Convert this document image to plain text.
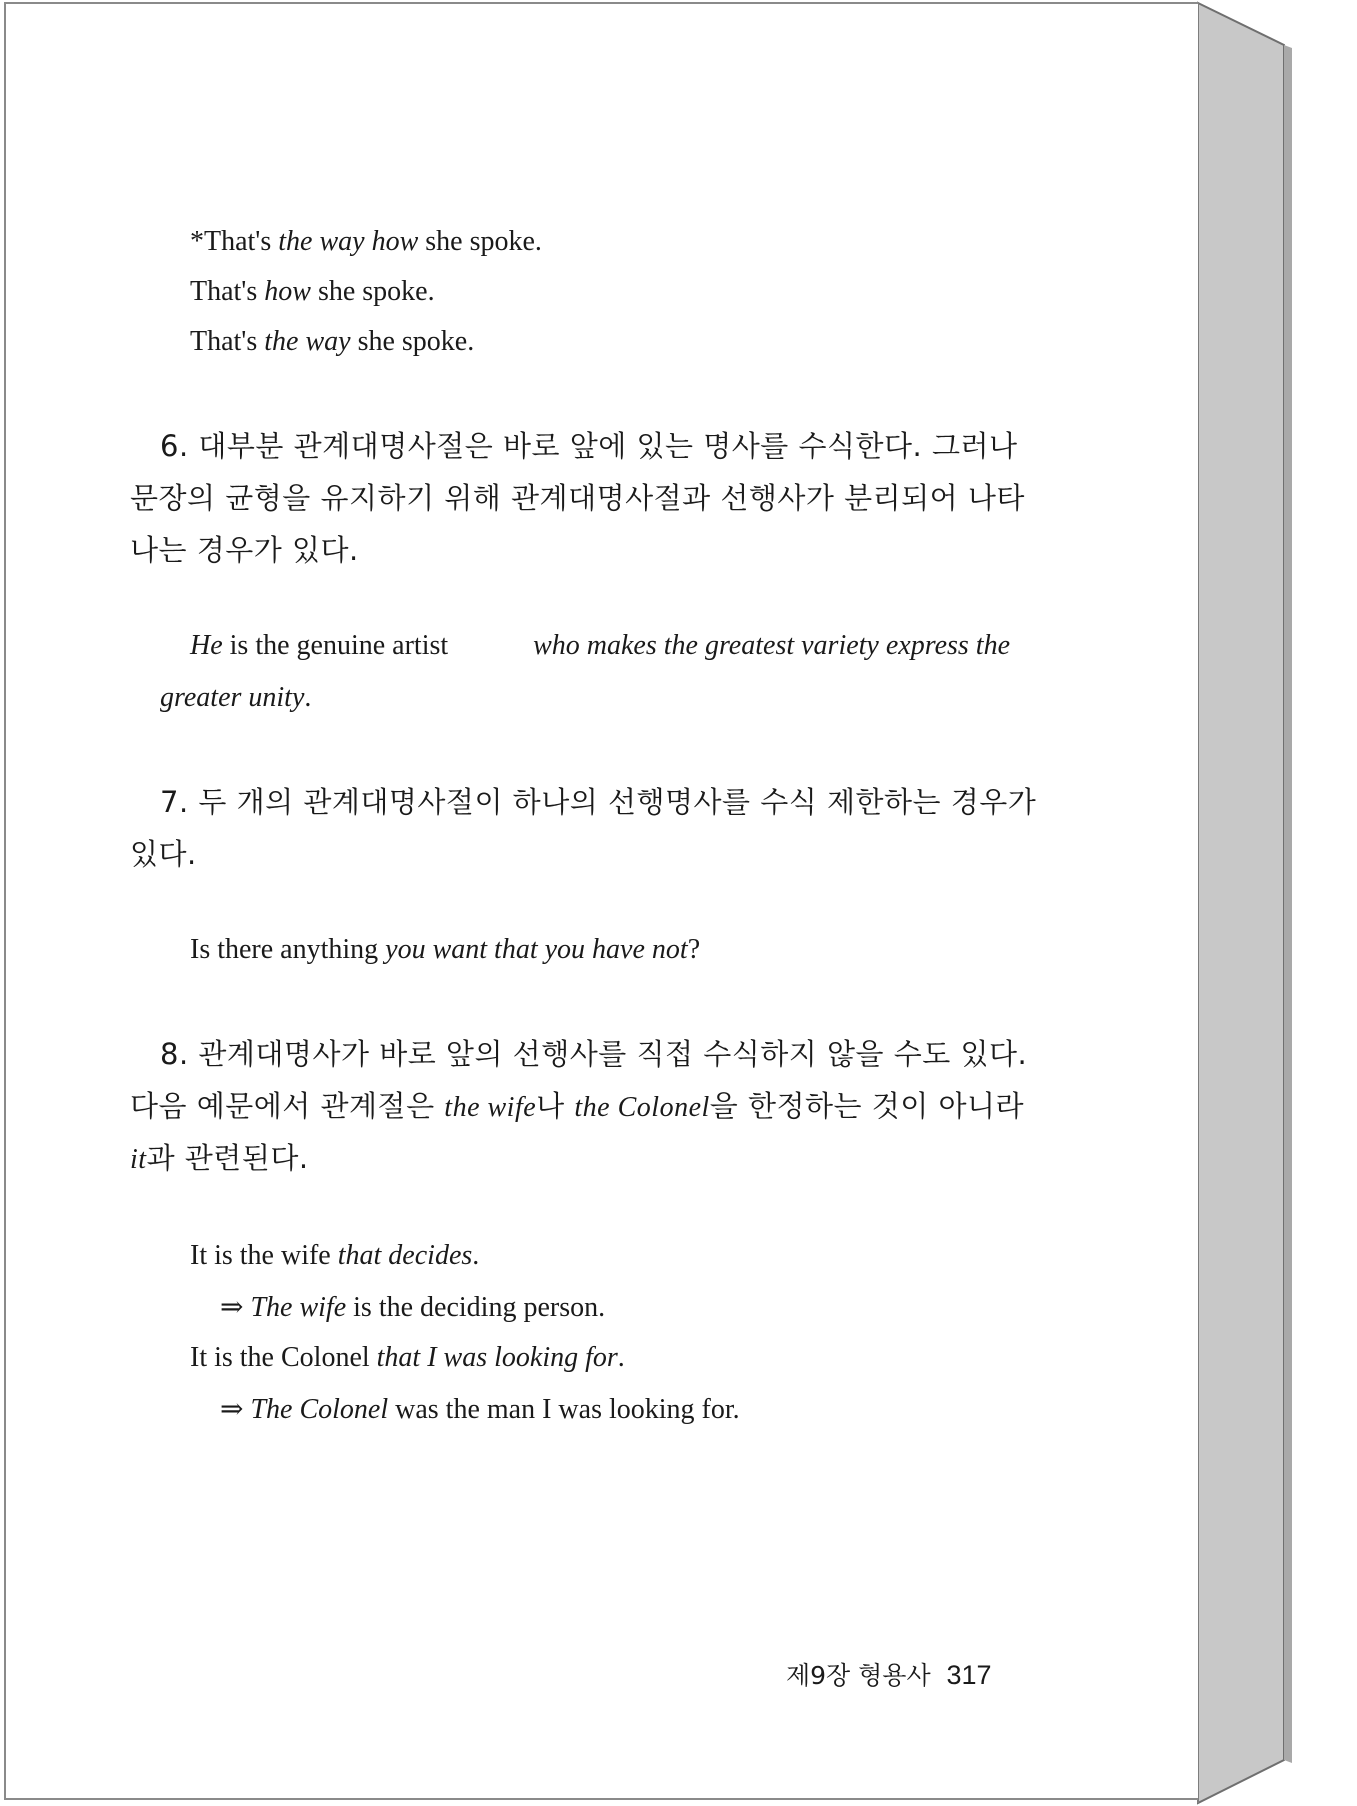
*That's the way how she spoke.
That's how she spoke.
That's the way she spoke.
6. 대부분 관계대명사절은 바로 앞에 있는 명사를 수식한다. 그러나
문장의 균형을 유지하기 위해 관계대명사절과 선행사가 분리되어 나타
나는 경우가 있다.
He is the genuine artist	who makes the greatest variety express the
greater unity.
7. 두 개의 관계대명사절이 하나의 선행명사를 수식 제한하는 경우가
있다.
Is there anything you want that you have not?
8. 관계대명사가 바로 앞의 선행사를 직접 수식하지 않을 수도 있다.
다음 예문에서 관계절은 the wife나 the Colonel을 한정하는 것이 아니라
it과 관련된다.
It is the wife that decides.
⇒ The wife is the deciding person.
It is the Colonel that I was looking for.
⇒ The Colonel was the man I was looking for.
제9장 형용사 317
